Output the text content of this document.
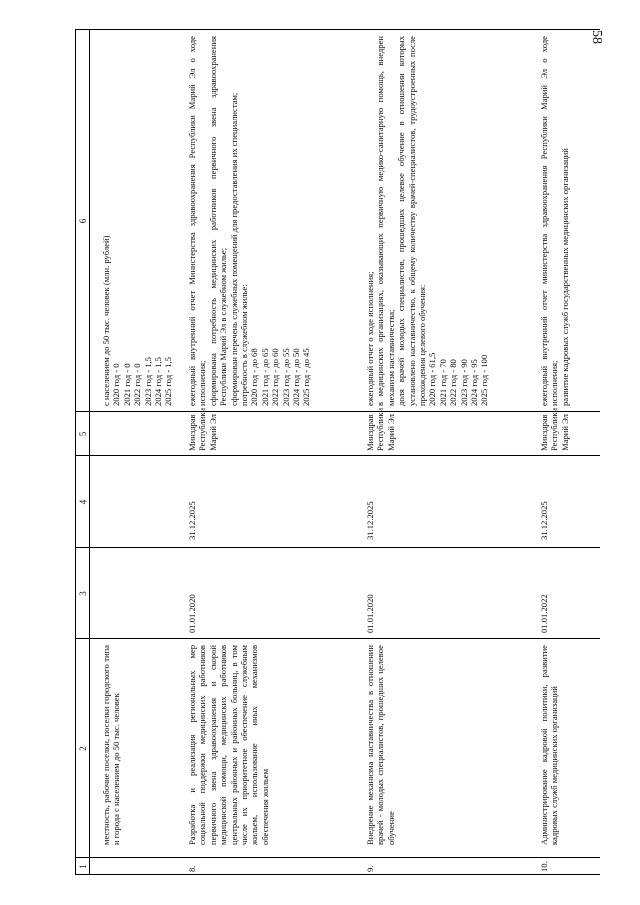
58
1
2
3
4
5
6
местность, рабочие поселки, поселки городского типа и города с населением до 50 тыс. человек
с населением до 50 тыс. человек (млн. рублей)
2020 год - 0
2021 год - 0
2022 год - 0
2023 год - 1,5
2024 год - 1,5
2025 год - 1,5
8.
Разработка и реализация региональных мер социальной поддержки медицинских работников первичного звена здравоохранения и скорой медицинской помощи, медицинских работников центральных районных и районных больниц, в том числе их приоритетное обеспечение служебным жильем, использование иных механизмов обеспечения жильем
01.01.2020
31.12.2025
Минздрав
Республики
Марий Эл
ежегодный внутренний отчет Министерства здравоохранения Республики Марий Эл о ходе исполнения;
сформирована потребность медицинских работников первичного звена здравоохранения Республики Марий Эл в служебном жилье;
сформирован перечень служебных помещений для предоставления их специалистам;
потребность в служебном жилье:
2020 год - до 68
2021 год - до 65
2022 год - до 60
2023 год - до 55
2024 год - до 50
2025 год - до 45
9.
Внедрение механизма наставничества в отношении врачей - молодых специалистов, прошедших целевое обучение
01.01.2020
31.12.2025
Минздрав
Республики
Марий Эл
ежегодный отчет о ходе исполнения;
в медицинских организациях, оказывающих первичную медико-санитарную помощь, внедрен механизм наставничества;
доля врачей молодых специалистов, прошедших целевое обучение в отношении которых установлено наставничество, к общему количеству врачей-специалистов, трудоустроенных после прохождения целевого обучения:
2020 год - 61,5
2021 год - 70
2022 год - 80
2023 год - 90
2024 год - 95
2025 год - 100
10.
Администрирование кадровой политики, развитие кадровых служб медицинских организаций
01.01.2022
31.12.2025
Минздрав
Республики
Марий Эл
ежегодный внутренний отчет министерства здравоохранения Республики Марий Эл о ходе исполнения;
развитие кадровых служб государственных медицинских организаций
